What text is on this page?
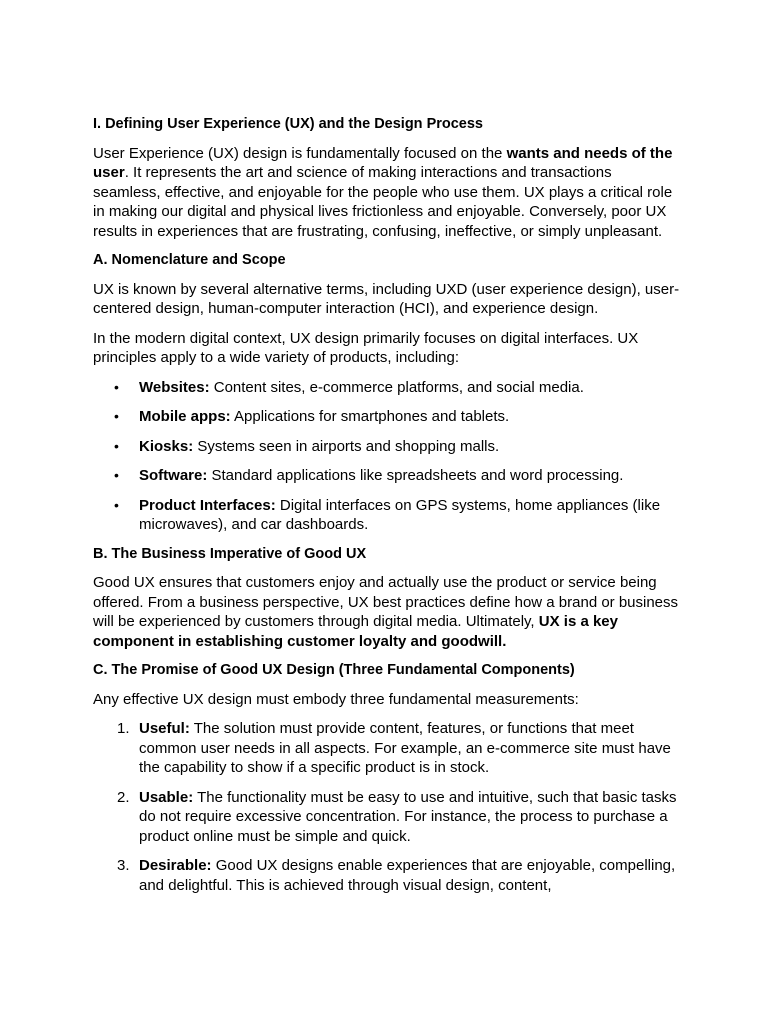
I. Defining User Experience (UX) and the Design Process

User Experience (UX) design is fundamentally focused on the wants and needs of the user. It represents the art and science of making interactions and transactions seamless, effective, and enjoyable for the people who use them. UX plays a critical role in making our digital and physical lives frictionless and enjoyable. Conversely, poor UX results in experiences that are frustrating, confusing, ineffective, or simply unpleasant.

A. Nomenclature and Scope

UX is known by several alternative terms, including UXD (user experience design), user-centered design, human-computer interaction (HCI), and experience design.

In the modern digital context, UX design primarily focuses on digital interfaces. UX principles apply to a wide variety of products, including:

• Websites: Content sites, e-commerce platforms, and social media.
• Mobile apps: Applications for smartphones and tablets.
• Kiosks: Systems seen in airports and shopping malls.
• Software: Standard applications like spreadsheets and word processing.
• Product Interfaces: Digital interfaces on GPS systems, home appliances (like microwaves), and car dashboards.
B. The Business Imperative of Good UX

Good UX ensures that customers enjoy and actually use the product or service being offered. From a business perspective, UX best practices define how a brand or business will be experienced by customers through digital media. Ultimately, UX is a key component in establishing customer loyalty and goodwill.

C. The Promise of Good UX Design (Three Fundamental Components)

Any effective UX design must embody three fundamental measurements:

1. Useful: The solution must provide content, features, or functions that meet common user needs in all aspects. For example, an e-commerce site must have the capability to show if a specific product is in stock.
2. Usable: The functionality must be easy to use and intuitive, such that basic tasks do not require excessive concentration. For instance, the process to purchase a product online must be simple and quick.
3. Desirable: Good UX designs enable experiences that are enjoyable, compelling, and delightful. This is achieved through visual design, content,
